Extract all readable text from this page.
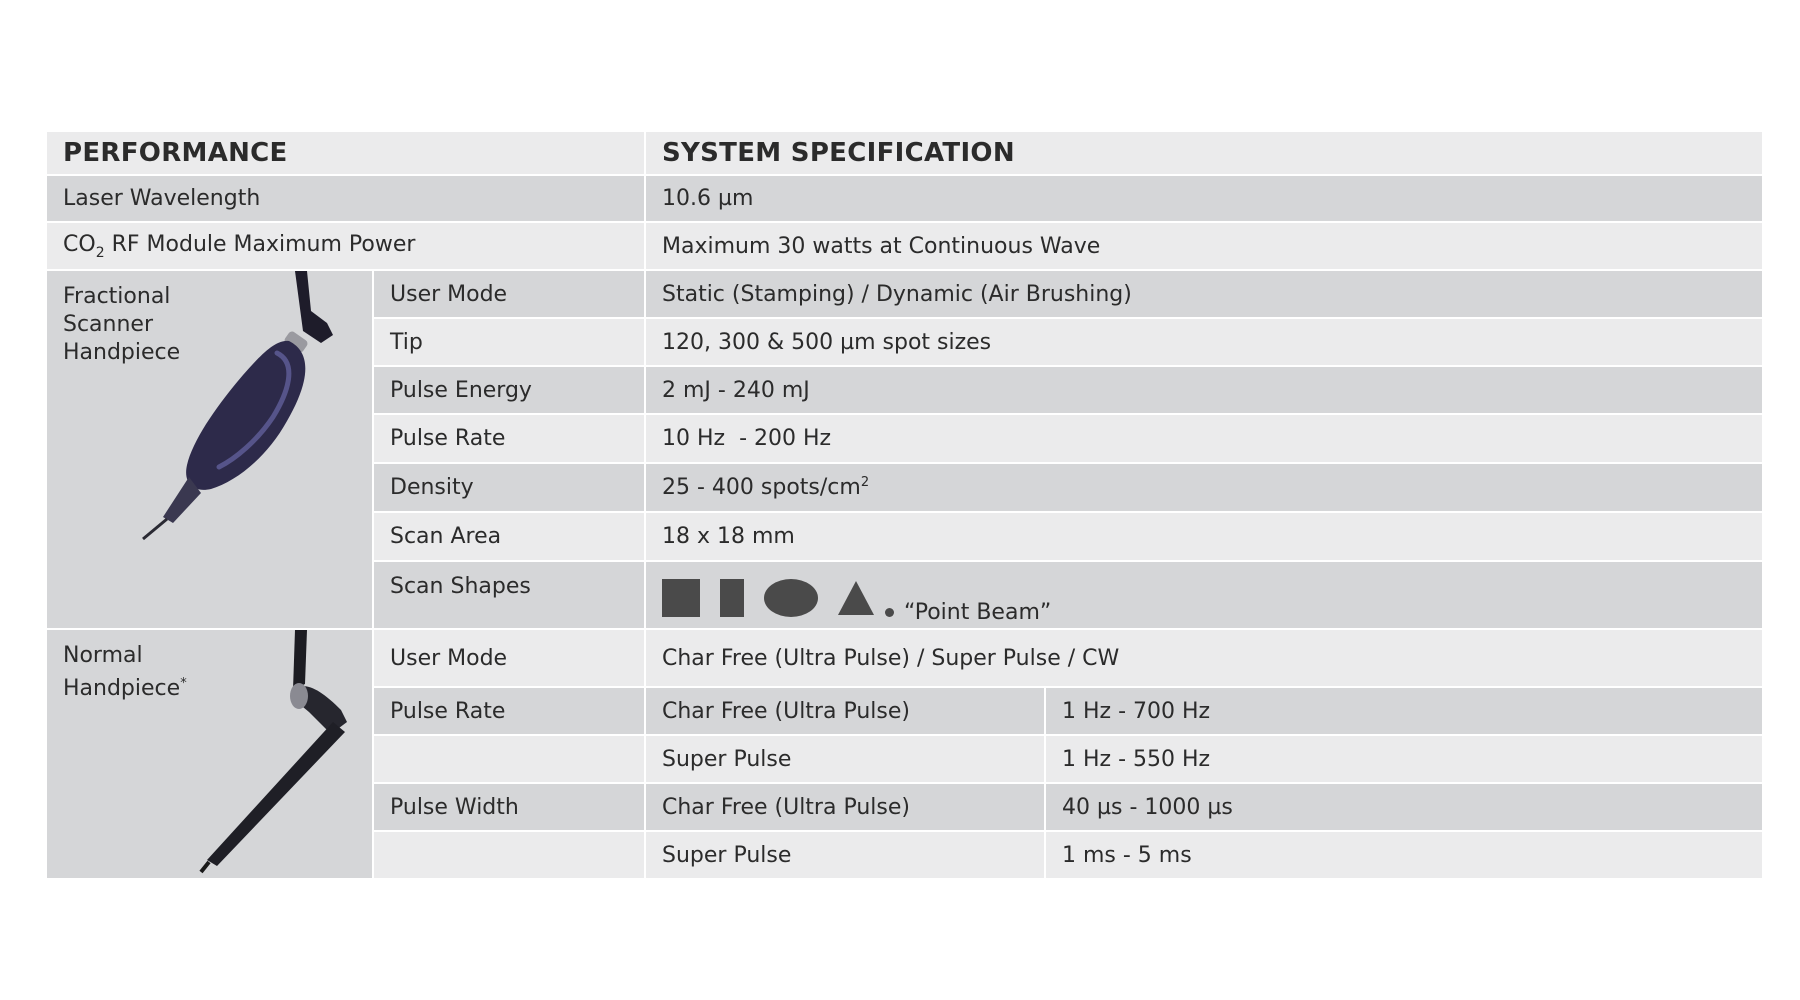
PERFORMANCE		SYSTEM SPECIFICATION	
Laser Wavelength		10.6 µm	
$CO_2$ RF Module Maximum Power		Maximum 30 watts at Continuous Wave	

Fractional Scanner Handpiece	User Mode	Static (Stamping) / Dynamic (Air Brushing)	
	Tip	120, 300 & 500 µm spot sizes	
	Pulse Energy	2 mJ - 240 mJ	
	Pulse Rate	10 Hz  - 200 Hz	
	Density	25 - 400 spots/$cm^2$
	Scan Area	18 x 18 mm	
	Scan Shapes	“Point Beam”	

Normal Handpiece*	User Mode	Char Free (Ultra Pulse) / Super Pulse / CW	
	Pulse Rate	Char Free (Ultra Pulse)	1 Hz - 700 Hz
		Super Pulse	1 Hz - 550 Hz
	Pulse Width	Char Free (Ultra Pulse)	40 µs - 1000 µs
		Super Pulse	1 ms - 5 ms
